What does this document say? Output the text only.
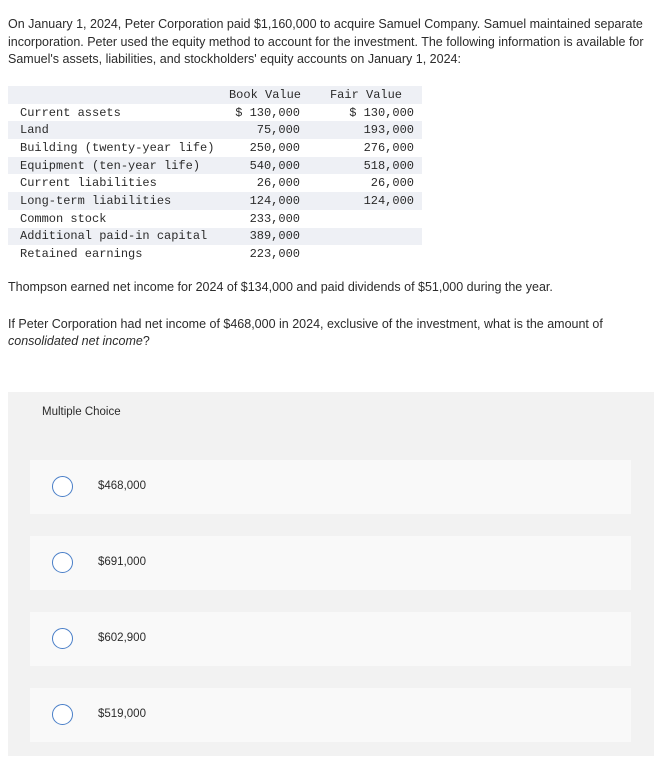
On January 1, 2024, Peter Corporation paid $1,160,000 to acquire Samuel Company. Samuel maintained separate incorporation. Peter used the equity method to account for the investment. The following information is available for Samuel's assets, liabilities, and stockholders' equity accounts on January 1, 2024:
	Book Value	Fair Value
Current assets	$ 130,000	$ 130,000
Land	75,000	193,000
Building (twenty-year life)	250,000	276,000
Equipment (ten-year life)	540,000	518,000
Current liabilities	26,000	26,000
Long-term liabilities	124,000	124,000
Common stock	233,000	
Additional paid-in capital	389,000	
Retained earnings	223,000	
Thompson earned net income for 2024 of $134,000 and paid dividends of $51,000 during the year.
If Peter Corporation had net income of $468,000 in 2024, exclusive of the investment, what is the amount of consolidated net income?
Multiple Choice
$468,000
$691,000
$602,900
$519,000
